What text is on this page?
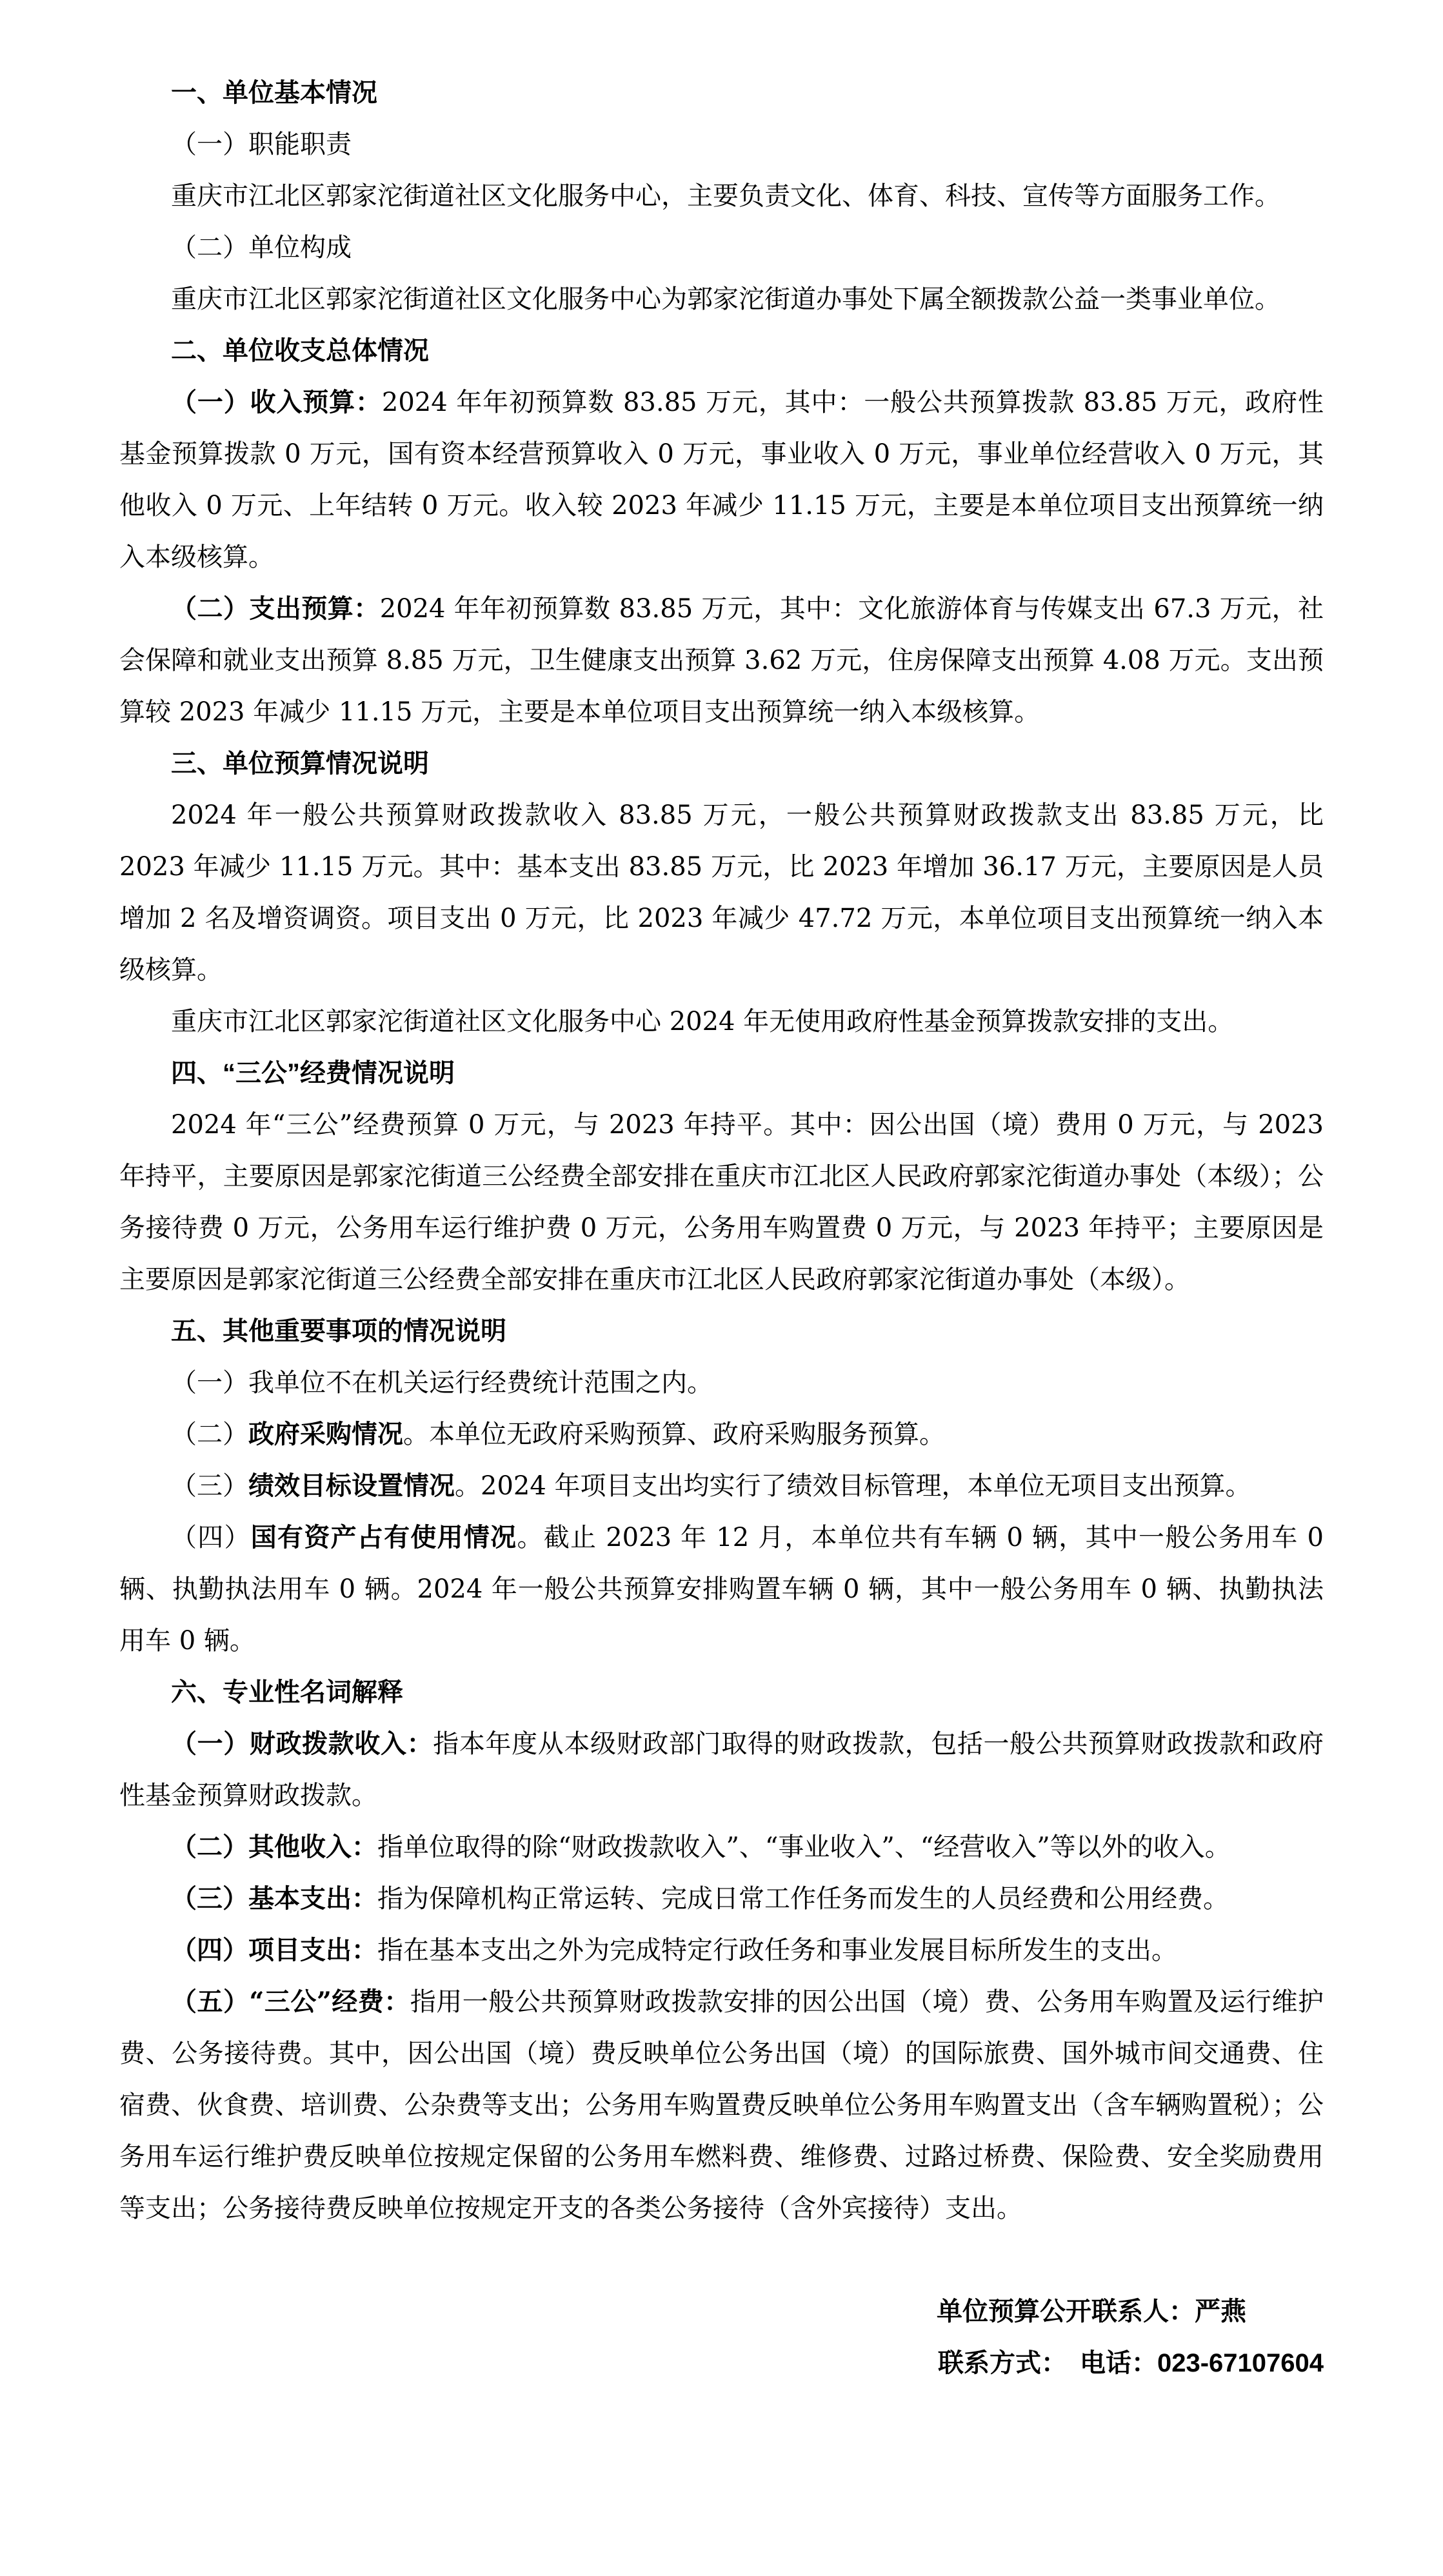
一、单位基本情况

（一）职能职责

重庆市江北区郭家沱街道社区文化服务中心，主要负责文化、体育、科技、宣传等方面服务工作。

（二）单位构成

重庆市江北区郭家沱街道社区文化服务中心为郭家沱街道办事处下属全额拨款公益一类事业单位。

二、单位收支总体情况

（一）收入预算：2024 年年初预算数 83.85 万元，其中：一般公共预算拨款 83.85 万元，政府性基金预算拨款 0 万元，国有资本经营预算收入 0 万元，事业收入 0 万元，事业单位经营收入 0 万元，其他收入 0 万元、上年结转 0 万元。收入较 2023 年减少 11.15 万元，主要是本单位项目支出预算统一纳入本级核算。

（二）支出预算：2024 年年初预算数 83.85 万元，其中：文化旅游体育与传媒支出 67.3 万元，社会保障和就业支出预算 8.85 万元，卫生健康支出预算 3.62 万元，住房保障支出预算 4.08 万元。支出预算较 2023 年减少 11.15 万元，主要是本单位项目支出预算统一纳入本级核算。

三、单位预算情况说明

2024 年一般公共预算财政拨款收入 83.85 万元，一般公共预算财政拨款支出 83.85 万元，比 2023 年减少 11.15 万元。其中：基本支出 83.85 万元，比 2023 年增加 36.17 万元，主要原因是人员增加 2 名及增资调资。项目支出 0 万元，比 2023 年减少 47.72 万元，本单位项目支出预算统一纳入本级核算。

重庆市江北区郭家沱街道社区文化服务中心 2024 年无使用政府性基金预算拨款安排的支出。

四、“三公”经费情况说明

2024 年“三公”经费预算 0 万元，与 2023 年持平。其中：因公出国（境）费用 0 万元，与 2023 年持平，主要原因是郭家沱街道三公经费全部安排在重庆市江北区人民政府郭家沱街道办事处（本级）；公务接待费 0 万元，公务用车运行维护费 0 万元，公务用车购置费 0 万元，与 2023 年持平；主要原因是主要原因是郭家沱街道三公经费全部安排在重庆市江北区人民政府郭家沱街道办事处（本级）。

五、其他重要事项的情况说明

（一）我单位不在机关运行经费统计范围之内。

（二）政府采购情况。本单位无政府采购预算、政府采购服务预算。

（三）绩效目标设置情况。2024 年项目支出均实行了绩效目标管理，本单位无项目支出预算。

（四）国有资产占有使用情况。截止 2023 年 12 月，本单位共有车辆 0 辆，其中一般公务用车 0 辆、执勤执法用车 0 辆。2024 年一般公共预算安排购置车辆 0 辆，其中一般公务用车 0 辆、执勤执法用车 0 辆。

六、专业性名词解释

（一）财政拨款收入：指本年度从本级财政部门取得的财政拨款，包括一般公共预算财政拨款和政府性基金预算财政拨款。

（二）其他收入：指单位取得的除“财政拨款收入”、“事业收入”、“经营收入”等以外的收入。

（三）基本支出：指为保障机构正常运转、完成日常工作任务而发生的人员经费和公用经费。

（四）项目支出：指在基本支出之外为完成特定行政任务和事业发展目标所发生的支出。

（五）“三公”经费：指用一般公共预算财政拨款安排的因公出国（境）费、公务用车购置及运行维护费、公务接待费。其中，因公出国（境）费反映单位公务出国（境）的国际旅费、国外城市间交通费、住宿费、伙食费、培训费、公杂费等支出；公务用车购置费反映单位公务用车购置支出（含车辆购置税）；公务用车运行维护费反映单位按规定保留的公务用车燃料费、维修费、过路过桥费、保险费、安全奖励费用等支出；公务接待费反映单位按规定开支的各类公务接待（含外宾接待）支出。

单位预算公开联系人：严燕

联系方式：　电话：023-67107604
